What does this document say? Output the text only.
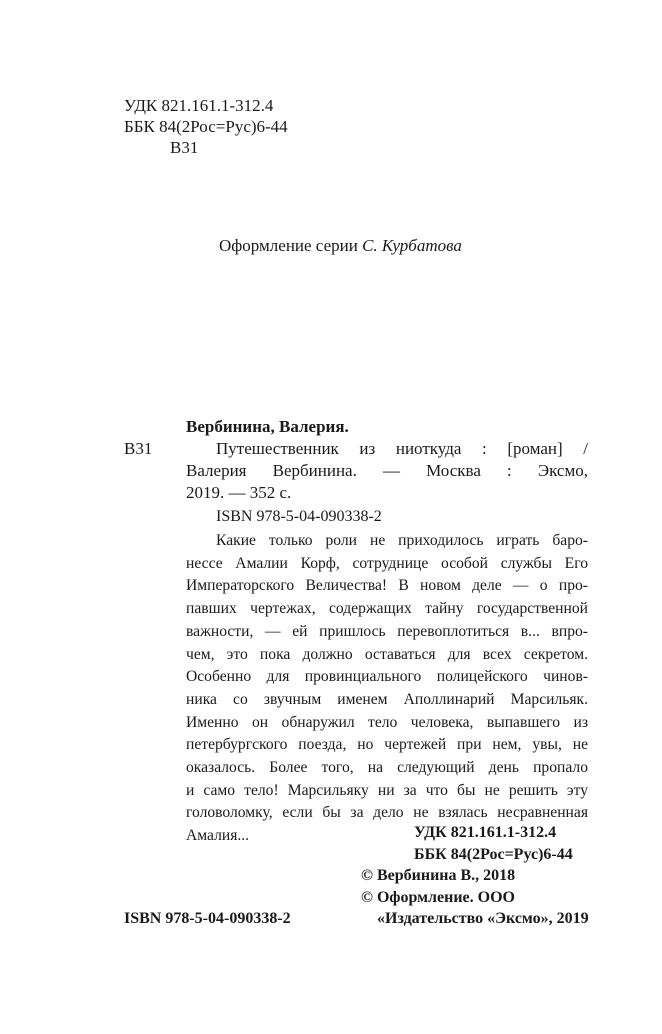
УДК 821.161.1-312.4
ББК 84(2Рос=Рус)6-44
В31
Оформление серии С. Курбатова
Вербинина, Валерия.
В31	Путешественник из ниоткуда : [роман] /
Валерия Вербинина. — Москва : Эксмо,
2019. — 352 с.
ISBN 978-5-04-090338-2
Какие только роли не приходилось играть баро-
нессе Амалии Корф, сотруднице особой службы Его
Императорского Величества! В новом деле — о про-
павших чертежах, содержащих тайну государственной
важности, — ей пришлось перевоплотиться в... впро-
чем, это пока должно оставаться для всех секретом.
Особенно для провинциального полицейского чинов-
ника со звучным именем Аполлинарий Марсильяк.
Именно он обнаружил тело человека, выпавшего из
петербургского поезда, но чертежей при нем, увы, не
оказалось. Более того, на следующий день пропало
и само тело! Марсильяку ни за что бы не решить эту
головоломку, если бы за дело не взялась несравненная
Амалия...	УДК 821.161.1-312.4
ББК 84(2Рос=Рус)6-44
© Вербинина В., 2018
© Оформление. ООО
«Издательство «Эксмо», 2019
ISBN 978-5-04-090338-2
